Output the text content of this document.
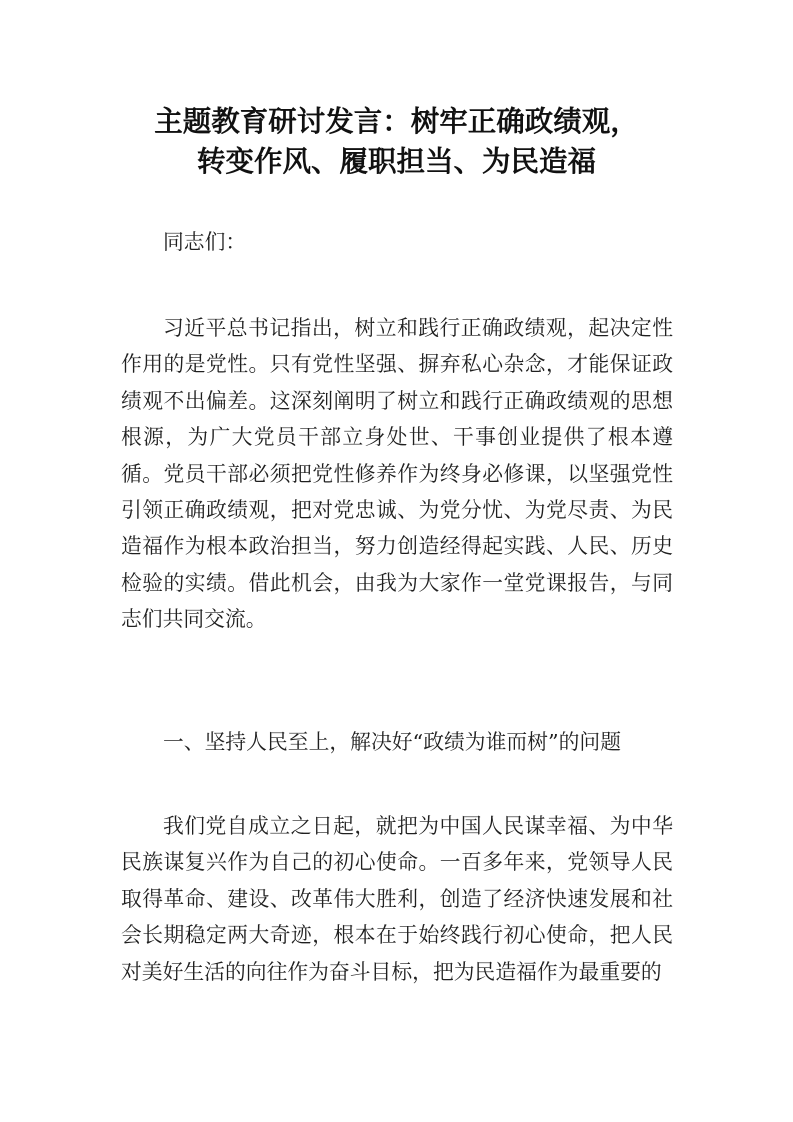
主题教育研讨发言：树牢正确政绩观，
转变作风、履职担当、为民造福

同志们：

习近平总书记指出，树立和践行正确政绩观，起决定性作用的是党性。只有党性坚强、摒弃私心杂念，才能保证政绩观不出偏差。这深刻阐明了树立和践行正确政绩观的思想根源，为广大党员干部立身处世、干事创业提供了根本遵循。党员干部必须把党性修养作为终身必修课，以坚强党性引领正确政绩观，把对党忠诚、为党分忧、为党尽责、为民造福作为根本政治担当，努力创造经得起实践、人民、历史检验的实绩。借此机会，由我为大家作一堂党课报告，与同志们共同交流。

一、坚持人民至上，解决好“政绩为谁而树”的问题

我们党自成立之日起，就把为中国人民谋幸福、为中华民族谋复兴作为自己的初心使命。一百多年来，党领导人民取得革命、建设、改革伟大胜利，创造了经济快速发展和社会长期稳定两大奇迹，根本在于始终践行初心使命，把人民对美好生活的向往作为奋斗目标，把为民造福作为最重要的
